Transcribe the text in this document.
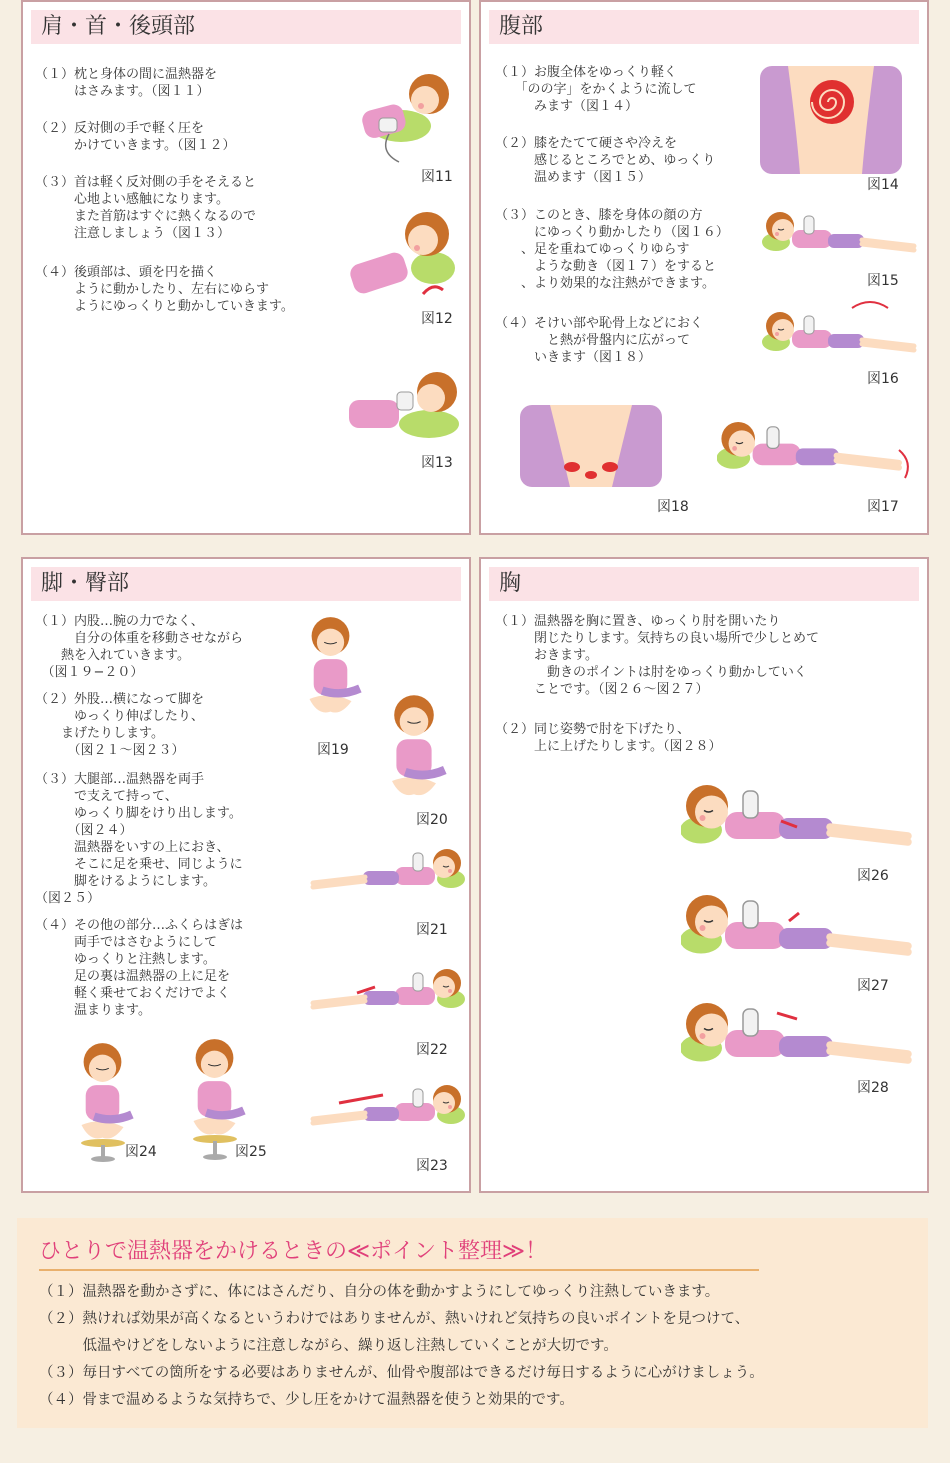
肩・首・後頭部
（１）枕と身体の間に温熱器を
　　　はさみます。（図１１）
（２）反対側の手で軽く圧を
　　　かけていきます。（図１２）
（３）首は軽く反対側の手をそえると
　　　心地よい感触になります。
　　　また首筋はすぐに熱くなるので
　　　注意しましょう（図１３）
（４）後頭部は、頭を円を描く
　　　ように動かしたり、左右にゆらす
　　　ようにゆっくりと動かしていきます。
図11
図12
図13
腹部
（１）お腹全体をゆっくり軽く
　　「のの字」をかくように流して
　　　みます（図１４）
（２）膝をたてて硬さや冷えを
　　　感じるところでとめ、ゆっくり
　　　温めます（図１５）
（３）このとき、膝を身体の顔の方
　　　にゆっくり動かしたり（図１６）
　　、足を重ねてゆっくりゆらす
　　　ような動き（図１７）をすると
　　、より効果的な注熱ができます。
（４）そけい部や恥骨上などにおく
　　　　と熱が骨盤内に広がって
　　　いきます（図１８）
図14
図15
図16
図18	図17
脚・臀部
（１）内股…腕の力でなく、
　　　自分の体重を移動させながら
　　熱を入れていきます。
　（図１９−２０）
（２）外股…横になって脚を
　　　ゆっくり伸ばしたり、
　　まげたりします。
　　　（図２１〜図２３）
（３）大腿部…温熱器を両手
　　　で支えて持って、
　　　ゆっくり脚をけり出します。
　　　（図２４）
　　　温熱器をいすの上におき、
　　　そこに足を乗せ、同じように
　　　脚をけるようにします。
（図２５）
（４）その他の部分…ふくらはぎは
　　　両手ではさむようにして
　　　ゆっくりと注熱します。
　　　足の裏は温熱器の上に足を
　　　軽く乗せておくだけでよく
　　　温まります。
図19
図20
図21
図22
図23
図24	図25
胸
（１）温熱器を胸に置き、ゆっくり肘を開いたり
　　　閉じたりします。気持ちの良い場所で少しとめて
　　　おきます。
　　　　動きのポイントは肘をゆっくり動かしていく
　　　ことです。（図２６〜図２７）
（２）同じ姿勢で肘を下げたり、
　　　上に上げたりします。（図２８）
図26
図27
図28
ひとりで温熱器をかけるときの≪ポイント整理≫！
（１）温熱器を動かさずに、体にはさんだり、自分の体を動かすようにしてゆっくり注熱していきます。
（２）熱ければ効果が高くなるというわけではありませんが、熱いけれど気持ちの良いポイントを見つけて、
　　　低温やけどをしないように注意しながら、繰り返し注熱していくことが大切です。
（３）毎日すべての箇所をする必要はありませんが、仙骨や腹部はできるだけ毎日するように心がけましょう。
（４）骨まで温めるような気持ちで、少し圧をかけて温熱器を使うと効果的です。
